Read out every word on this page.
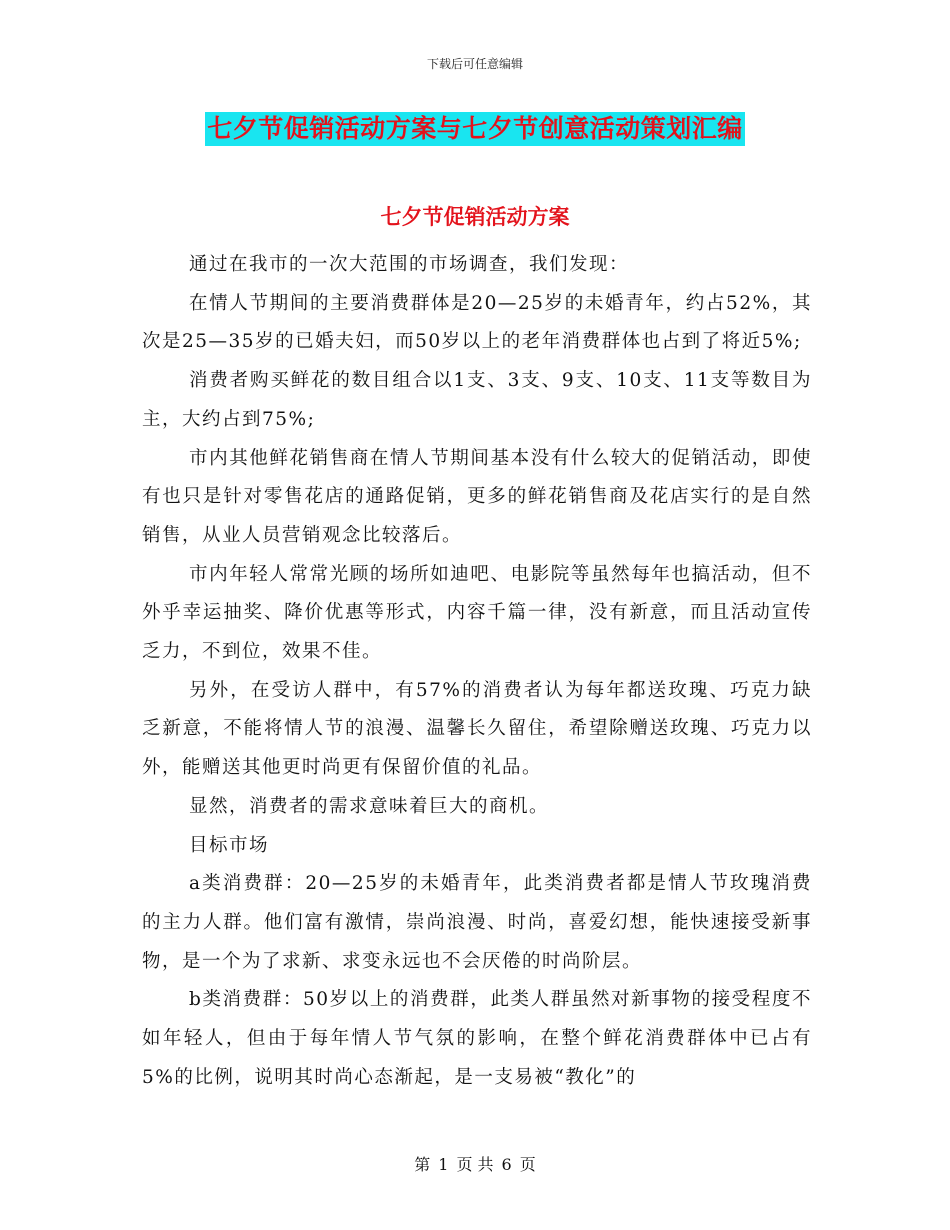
下载后可任意编辑
七夕节促销活动方案与七夕节创意活动策划汇编
七夕节促销活动方案

通过在我市的一次大范围的市场调查，我们发现：

在情人节期间的主要消费群体是20—25岁的未婚青年，约占52%，其次是25—35岁的已婚夫妇，而50岁以上的老年消费群体也占到了将近5%;

消费者购买鲜花的数目组合以1支、3支、9支、10支、11支等数目为主，大约占到75%;

市内其他鲜花销售商在情人节期间基本没有什么较大的促销活动，即使有也只是针对零售花店的通路促销，更多的鲜花销售商及花店实行的是自然销售，从业人员营销观念比较落后。

市内年轻人常常光顾的场所如迪吧、电影院等虽然每年也搞活动，但不外乎幸运抽奖、降价优惠等形式，内容千篇一律，没有新意，而且活动宣传乏力，不到位，效果不佳。

另外，在受访人群中，有57%的消费者认为每年都送玫瑰、巧克力缺乏新意，不能将情人节的浪漫、温馨长久留住，希望除赠送玫瑰、巧克力以外，能赠送其他更时尚更有保留价值的礼品。

显然，消费者的需求意味着巨大的商机。

目标市场

a类消费群：20—25岁的未婚青年，此类消费者都是情人节玫瑰消费的主力人群。他们富有激情，崇尚浪漫、时尚，喜爱幻想，能快速接受新事物，是一个为了求新、求变永远也不会厌倦的时尚阶层。

b类消费群：50岁以上的消费群，此类人群虽然对新事物的接受程度不如年轻人，但由于每年情人节气氛的影响，在整个鲜花消费群体中已占有5%的比例，说明其时尚心态渐起，是一支易被“教化”的

第 1 页 共 6 页
